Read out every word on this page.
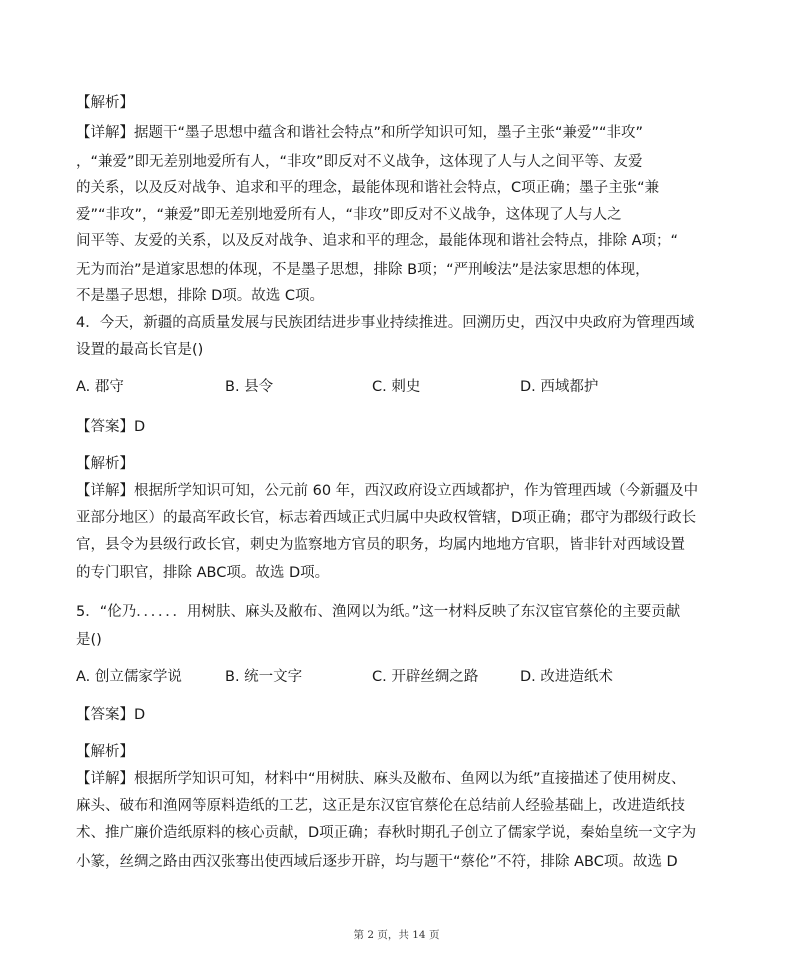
【解析】
【详解】据题干“墨子思想中蕴含和谐社会特点”和所学知识可知，墨子主张“兼爱”“非攻”
，“兼爱”即无差别地爱所有人，“非攻”即反对不义战争，这体现了人与人之间平等、友爱
的关系，以及反对战争、追求和平的理念，最能体现和谐社会特点，C项正确；墨子主张“兼
爱”“非攻”，“兼爱”即无差别地爱所有人，“非攻”即反对不义战争，这体现了人与人之
间平等、友爱的关系，以及反对战争、追求和平的理念，最能体现和谐社会特点，排除 A项；“
无为而治”是道家思想的体现，不是墨子思想，排除 B项；“严刑峻法”是法家思想的体现，
不是墨子思想，排除 D项。故选 C项。
4．今天，新疆的高质量发展与民族团结进步事业持续推进。回溯历史，西汉中央政府为管理西域
设置的最高长官是()
A. 郡守	B. 县令	C. 刺史	D. 西域都护
【答案】D
【解析】
【详解】根据所学知识可知，公元前 60 年，西汉政府设立西域都护，作为管理西域（今新疆及中
亚部分地区）的最高军政长官，标志着西域正式归属中央政权管辖，D项正确；郡守为郡级行政长
官，县令为县级行政长官，刺史为监察地方官员的职务，均属内地地方官职，皆非针对西域设置
的专门职官，排除 ABC项。故选 D项。
5．“伦乃．．．．．．用树肤、麻头及敝布、渔网以为纸。”这一材料反映了东汉宦官蔡伦的主要贡献
是()
A. 创立儒家学说	B. 统一文字	C. 开辟丝绸之路	D. 改进造纸术
【答案】D
【解析】
【详解】根据所学知识可知，材料中“用树肤、麻头及敝布、鱼网以为纸”直接描述了使用树皮、
麻头、破布和渔网等原料造纸的工艺，这正是东汉宦官蔡伦在总结前人经验基础上，改进造纸技
术、推广廉价造纸原料的核心贡献，D项正确；春秋时期孔子创立了儒家学说，秦始皇统一文字为
小篆，丝绸之路由西汉张骞出使西域后逐步开辟，均与题干“蔡伦”不符，排除 ABC项。故选 D
第 2 页，共 14 页
